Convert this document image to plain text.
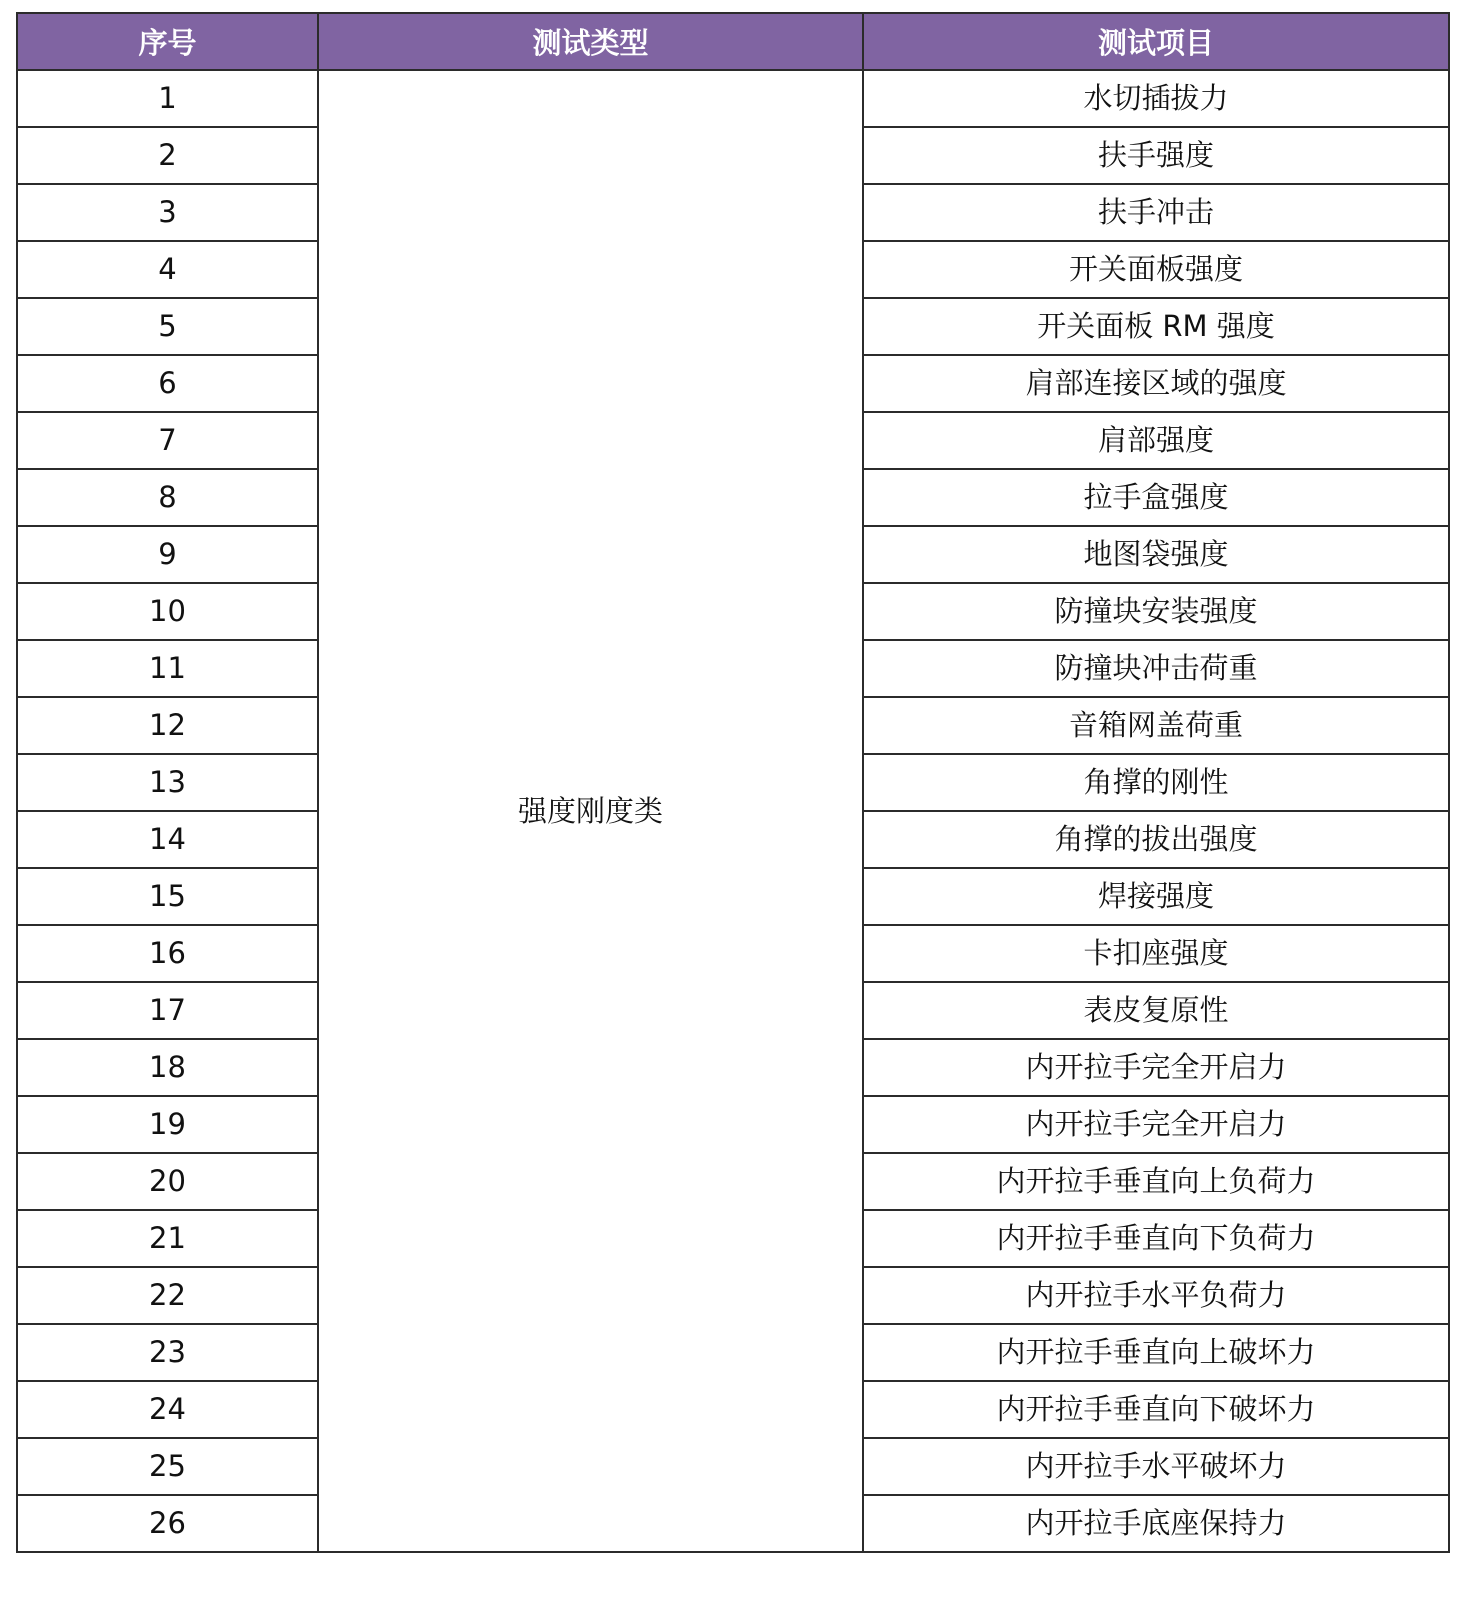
序号	测试类型	测试项目
1	强度刚度类	水切插拔力
2		扶手强度
3		扶手冲击
4		开关面板强度
5		开关面板 RM 强度
6		肩部连接区域的强度
7		肩部强度
8		拉手盒强度
9		地图袋强度
10		防撞块安装强度
11		防撞块冲击荷重
12		音箱网盖荷重
13		角撑的刚性
14		角撑的拔出强度
15		焊接强度
16		卡扣座强度
17		表皮复原性
18		内开拉手完全开启力
19		内开拉手完全开启力
20		内开拉手垂直向上负荷力
21		内开拉手垂直向下负荷力
22		内开拉手水平负荷力
23		内开拉手垂直向上破坏力
24		内开拉手垂直向下破坏力
25		内开拉手水平破坏力
26		内开拉手底座保持力
